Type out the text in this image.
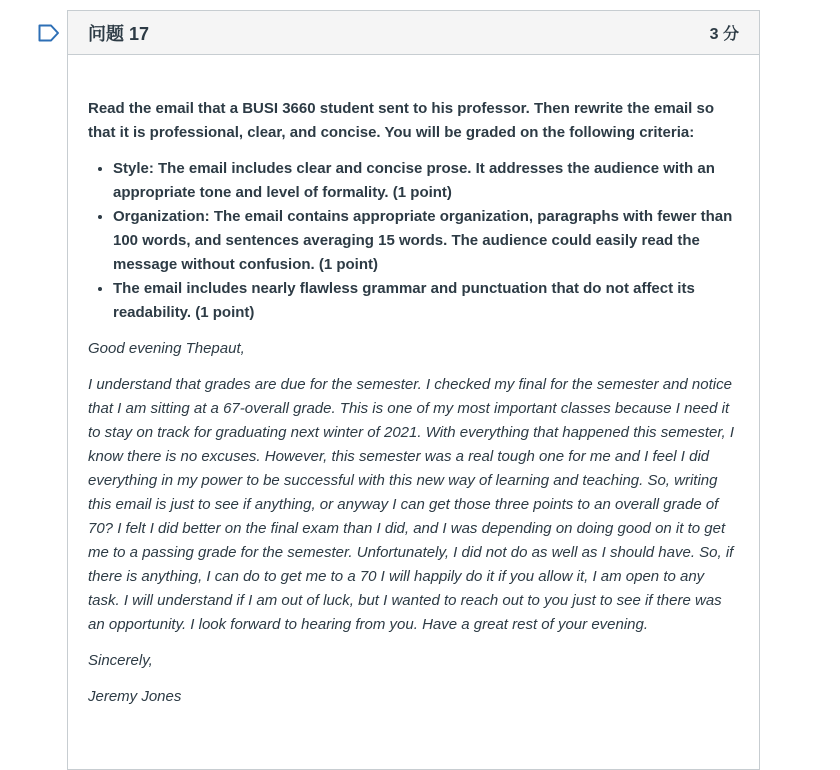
问题 17	3 分

Read the email that a BUSI 3660 student sent to his professor. Then rewrite the email so that it is professional, clear, and concise. You will be graded on the following criteria:

• Style: The email includes clear and concise prose. It addresses the audience with an appropriate tone and level of formality. (1 point)
• Organization: The email contains appropriate organization, paragraphs with fewer than 100 words, and sentences averaging 15 words. The audience could easily read the message without confusion. (1 point)
• The email includes nearly flawless grammar and punctuation that do not affect its readability. (1 point)

Good evening Thepaut,

I understand that grades are due for the semester. I checked my final for the semester and notice that I am sitting at a 67-overall grade. This is one of my most important classes because I need it to stay on track for graduating next winter of 2021. With everything that happened this semester, I know there is no excuses. However, this semester was a real tough one for me and I feel I did everything in my power to be successful with this new way of learning and teaching. So, writing this email is just to see if anything, or anyway I can get those three points to an overall grade of 70? I felt I did better on the final exam than I did, and I was depending on doing good on it to get me to a passing grade for the semester. Unfortunately, I did not do as well as I should have. So, if there is anything, I can do to get me to a 70 I will happily do it if you allow it, I am open to any task. I will understand if I am out of luck, but I wanted to reach out to you just to see if there was an opportunity. I look forward to hearing from you. Have a great rest of your evening.

Sincerely,

Jeremy Jones
